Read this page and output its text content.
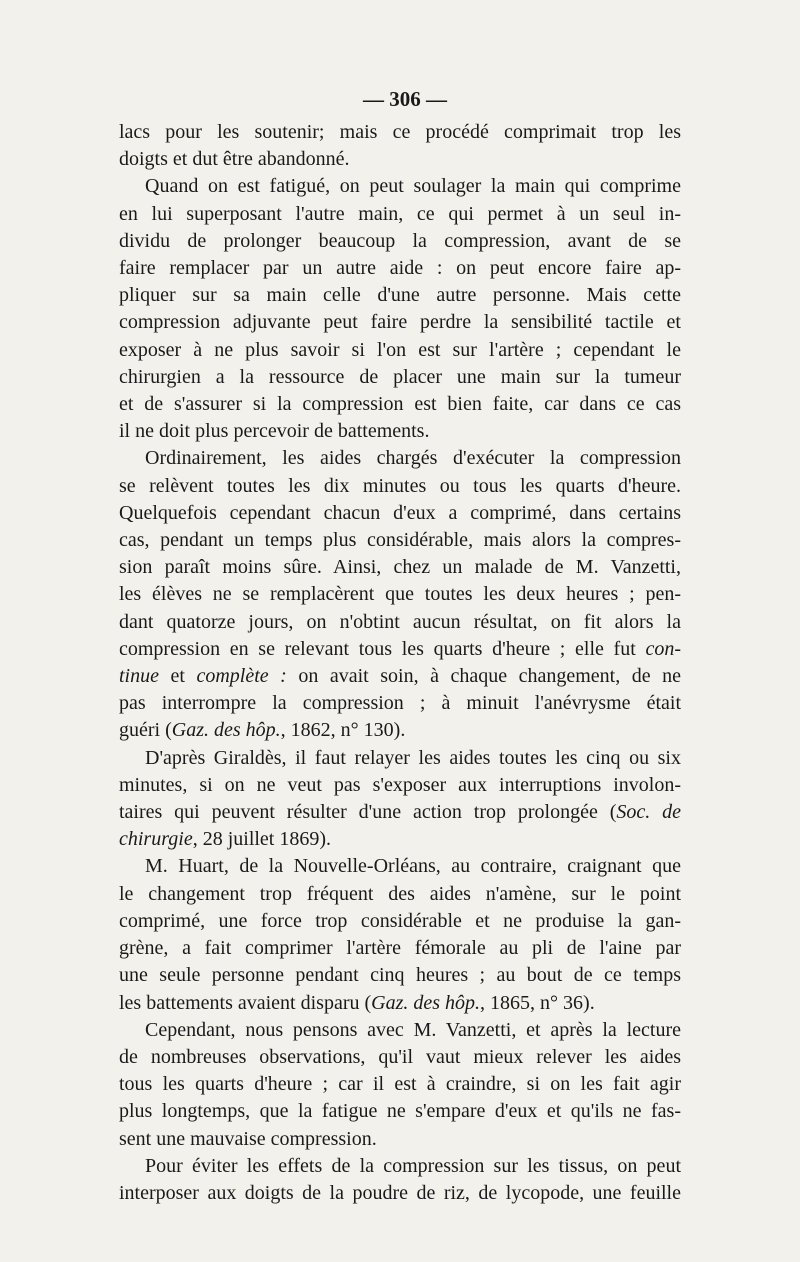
— 306 —
lacs pour les soutenir; mais ce procédé comprimait trop les
doigts et dut être abandonné.
Quand on est fatigué, on peut soulager la main qui comprime
en lui superposant l'autre main, ce qui permet à un seul in-
dividu de prolonger beaucoup la compression, avant de se
faire remplacer par un autre aide : on peut encore faire ap-
pliquer sur sa main celle d'une autre personne. Mais cette
compression adjuvante peut faire perdre la sensibilité tactile et
exposer à ne plus savoir si l'on est sur l'artère ; cependant le
chirurgien a la ressource de placer une main sur la tumeur
et de s'assurer si la compression est bien faite, car dans ce cas
il ne doit plus percevoir de battements.
Ordinairement, les aides chargés d'exécuter la compression
se relèvent toutes les dix minutes ou tous les quarts d'heure.
Quelquefois cependant chacun d'eux a comprimé, dans certains
cas, pendant un temps plus considérable, mais alors la compres-
sion paraît moins sûre. Ainsi, chez un malade de M. Vanzetti,
les élèves ne se remplacèrent que toutes les deux heures ; pen-
dant quatorze jours, on n'obtint aucun résultat, on fit alors la
compression en se relevant tous les quarts d'heure ; elle fut con-
tinue et complète : on avait soin, à chaque changement, de ne
pas interrompre la compression ; à minuit l'anévrysme était
guéri (Gaz. des hôp., 1862, n° 130).
D'après Giraldès, il faut relayer les aides toutes les cinq ou six
minutes, si on ne veut pas s'exposer aux interruptions involon-
taires qui peuvent résulter d'une action trop prolongée (Soc. de
chirurgie, 28 juillet 1869).
M. Huart, de la Nouvelle-Orléans, au contraire, craignant que
le changement trop fréquent des aides n'amène, sur le point
comprimé, une force trop considérable et ne produise la gan-
grène, a fait comprimer l'artère fémorale au pli de l'aine par
une seule personne pendant cinq heures ; au bout de ce temps
les battements avaient disparu (Gaz. des hôp., 1865, n° 36).
Cependant, nous pensons avec M. Vanzetti, et après la lecture
de nombreuses observations, qu'il vaut mieux relever les aides
tous les quarts d'heure ; car il est à craindre, si on les fait agir
plus longtemps, que la fatigue ne s'empare d'eux et qu'ils ne fas-
sent une mauvaise compression.
Pour éviter les effets de la compression sur les tissus, on peut
interposer aux doigts de la poudre de riz, de lycopode, une feuille
